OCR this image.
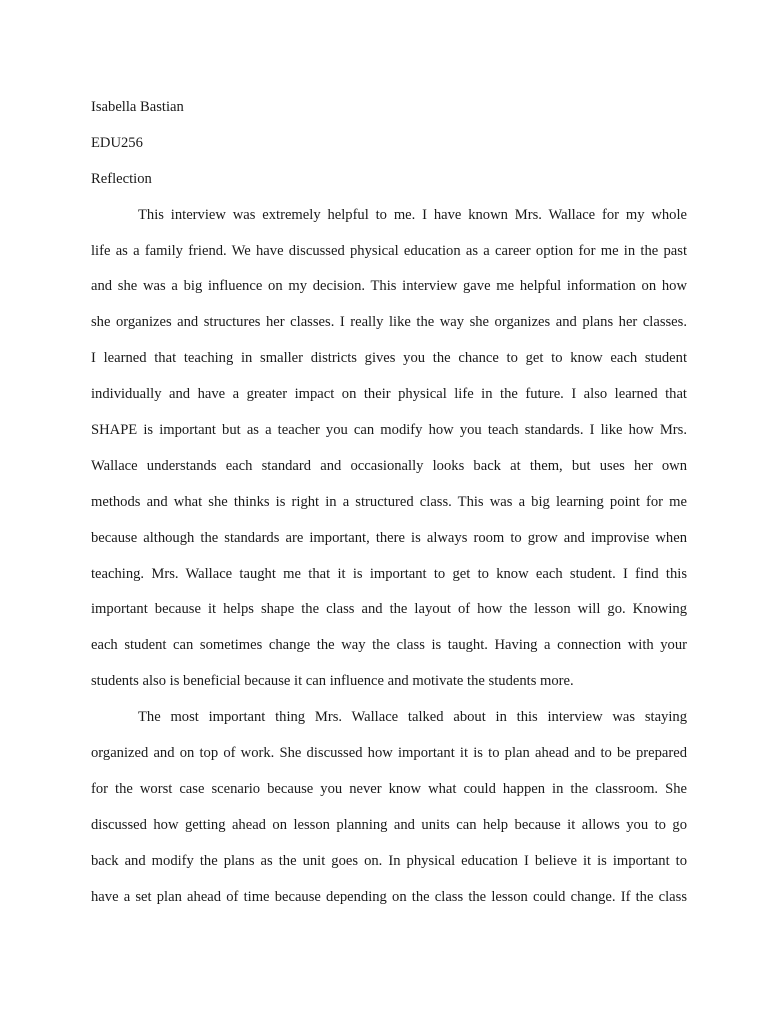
Isabella Bastian
EDU256
Reflection
This interview was extremely helpful to me. I have known Mrs. Wallace for my whole
life as a family friend. We have discussed physical education as a career option for me in the past
and she was a big influence on my decision. This interview gave me helpful information on how
she organizes and structures her classes. I really like the way she organizes and plans her classes.
I learned that teaching in smaller districts gives you the chance to get to know each student
individually and have a greater impact on their physical life in the future. I also learned that
SHAPE is important but as a teacher you can modify how you teach standards. I like how Mrs.
Wallace understands each standard and occasionally looks back at them, but uses her own
methods and what she thinks is right in a structured class. This was a big learning point for me
because although the standards are important, there is always room to grow and improvise when
teaching. Mrs. Wallace taught me that it is important to get to know each student. I find this
important because it helps shape the class and the layout of how the lesson will go. Knowing
each student can sometimes change the way the class is taught. Having a connection with your
students also is beneficial because it can influence and motivate the students more.
The most important thing Mrs. Wallace talked about in this interview was staying
organized and on top of work. She discussed how important it is to plan ahead and to be prepared
for the worst case scenario because you never know what could happen in the classroom. She
discussed how getting ahead on lesson planning and units can help because it allows you to go
back and modify the plans as the unit goes on. In physical education I believe it is important to
have a set plan ahead of time because depending on the class the lesson could change. If the class
